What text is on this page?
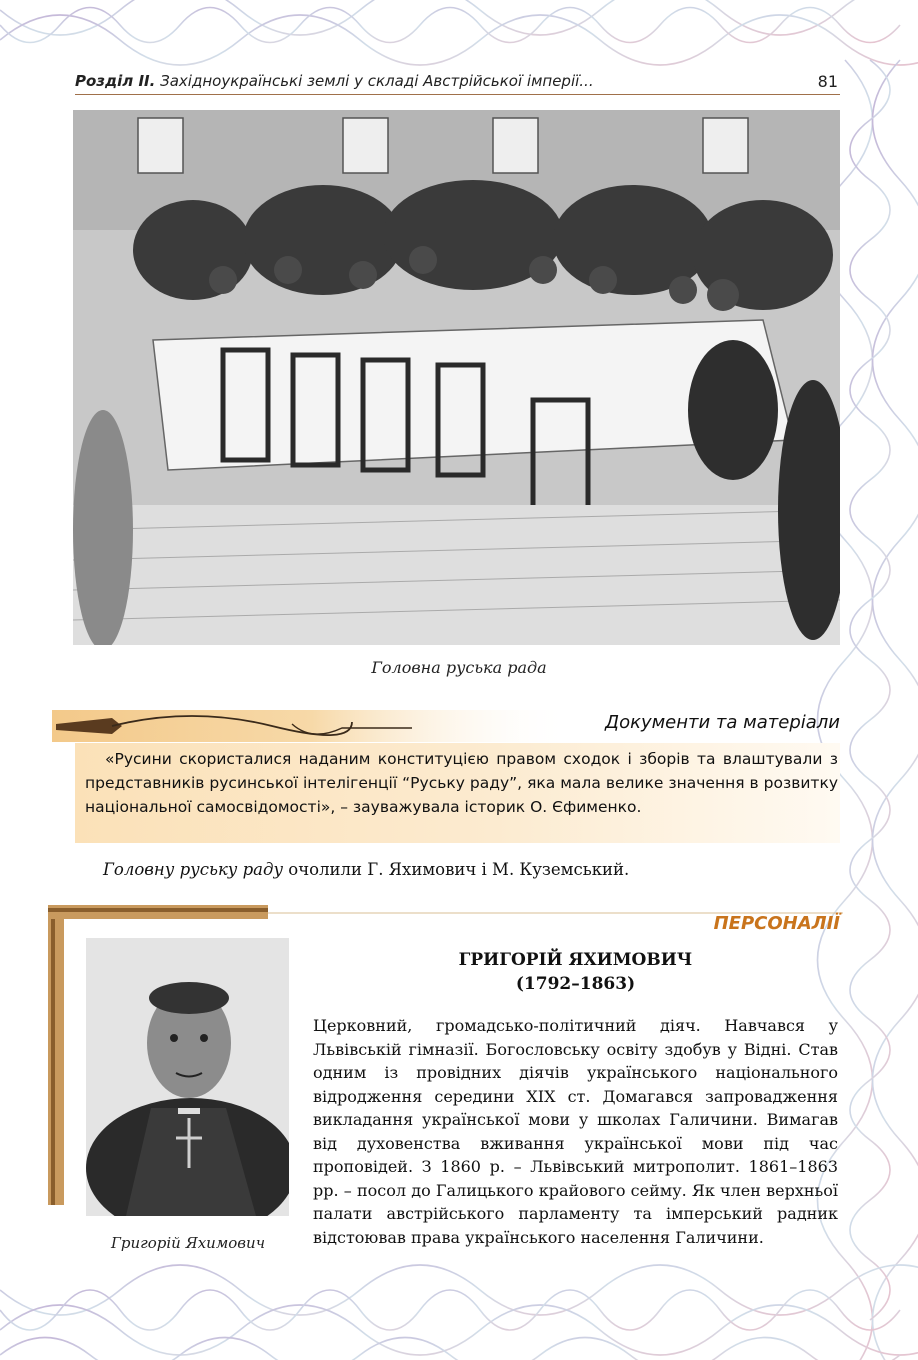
Розділ ІІ. Західноукраїнські землі у складі Австрійської імперії...	81
Головна руська рада
Документи та матеріали

«Русини скористалися наданим конституцією правом сходок і зборів та влаштували з представників русинської інтелігенції “Руську раду”, яка мала велике значення в розвитку національної самосвідомості», – зауважувала історик О. Єфименко.

Головну руську раду очолили Г. Яхимович і М. Куземський.

ПЕРСОНАЛІЇ
Григорій Яхимович
ГРИГОРІЙ ЯХИМОВИЧ
(1792–1863)

Церковний, громадсько-політичний діяч. Навчався у Львівській гімназії. Богословську освіту здобув у Відні. Став одним із провідних діячів українського національного відродження середини ХІХ ст. Домагався запровадження викладання української мови у школах Галичини. Вимагав від духовенства вживання української мови під час проповідей. З 1860 р. – Львівський митрополит. 1861–1863 рр. – посол до Галицького крайового сейму. Як член верхньої палати австрійського парламенту та імперський радник відстоював права українського населення Галичини.
